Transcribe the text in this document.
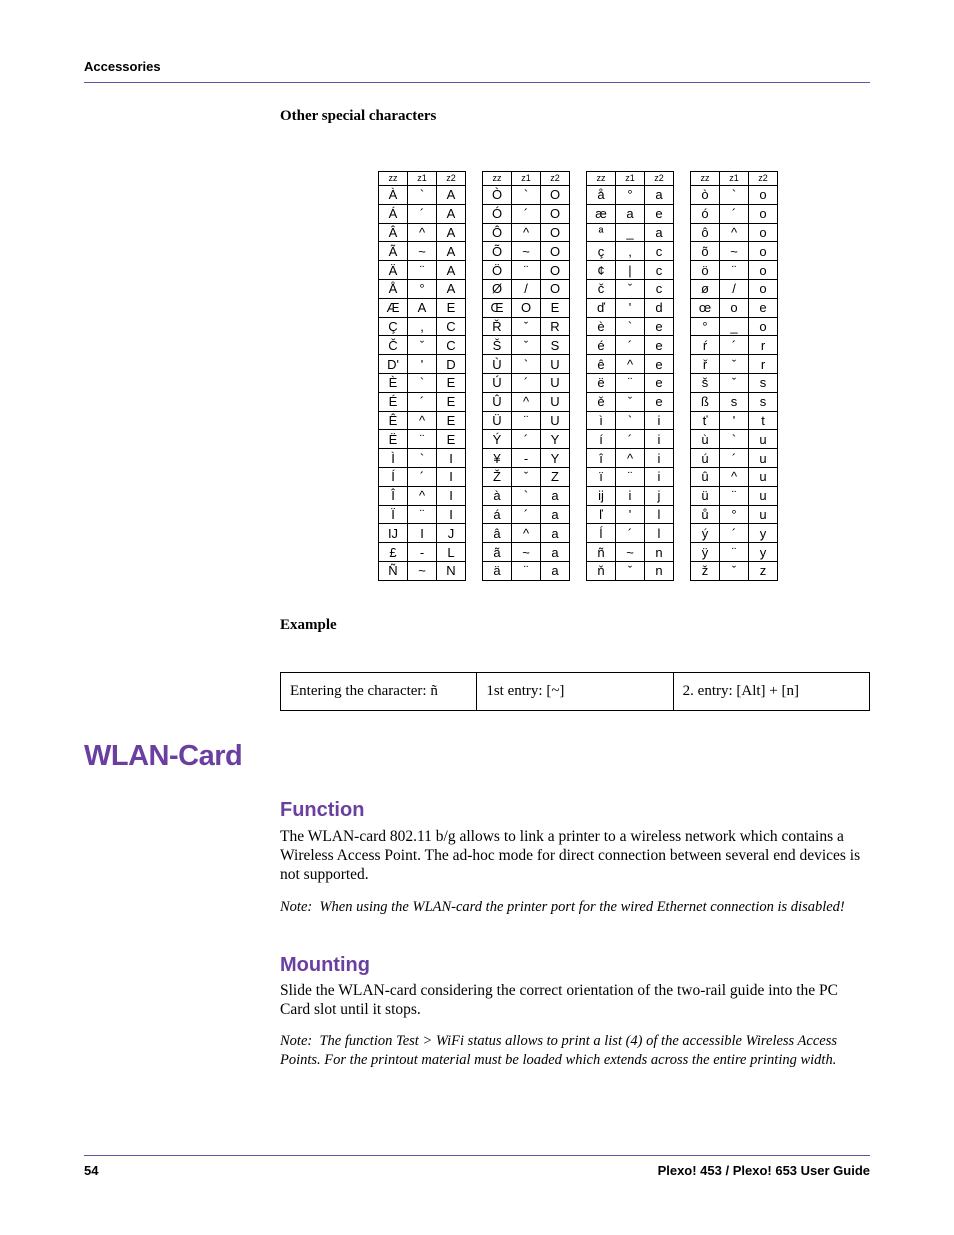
Accessories
Other special characters
zz	z1	z2
À	`	A
Á	´	A
Â	^	A
Ã	~	A
Ä	¨	A
Å	°	A
Æ	A	E
Ç	,	C
Č	ˇ	C
D'	'	D
È	`	E
É	´	E
Ê	^	E
Ë	¨	E
Ì	`	I
Í	´	I
Î	^	I
Ï	¨	I
IJ	I	J
£	-	L
Ñ	~	N
zz	z1	z2
Ò	`	O
Ó	´	O
Ô	^	O
Õ	~	O
Ö	¨	O
Ø	/	O
Œ	O	E
Ř	ˇ	R
Š	ˇ	S
Ù	`	U
Ú	´	U
Û	^	U
Ü	¨	U
Ý	´	Y
¥	-	Y
Ž	ˇ	Z
à	`	a
á	´	a
â	^	a
ã	~	a
ä	¨	a
zz	z1	z2
å	°	a
æ	a	e
ª	_	a
ç	,	c
¢	|	c
č	ˇ	c
ď	'	d
è	`	e
é	´	e
ê	^	e
ë	¨	e
ě	ˇ	e
ì	`	i
í	´	i
î	^	i
ï	¨	i
ij	i	j
ľ	'	l
ĺ	´	l
ñ	~	n
ň	ˇ	n
zz	z1	z2
ò	`	o
ó	´	o
ô	^	o
õ	~	o
ö	¨	o
ø	/	o
œ	o	e
°	_	o
ŕ	´	r
ř	ˇ	r
š	ˇ	s
ß	s	s
ť	'	t
ù	`	u
ú	´	u
û	^	u
ü	¨	u
ů	°	u
ý	´	y
ÿ	¨	y
ž	ˇ	z
Example
Entering the character: ñ	1st entry: [~]	2. entry: [Alt] + [n]
WLAN-Card
Function
The WLAN-card 802.11 b/g allows to link a printer to a wireless network which contains a Wireless Access Point. The ad-hoc mode for direct connection between several end devices is not supported.
Note: When using the WLAN-card the printer port for the wired Ethernet connection is disabled!
Mounting
Slide the WLAN-card considering the correct orientation of the two-rail guide into the PC Card slot until it stops.
Note: The function Test > WiFi status allows to print a list (4) of the accessible Wireless Access Points. For the printout material must be loaded which extends across the entire printing width.
54	Plexo! 453 / Plexo! 653 User Guide
